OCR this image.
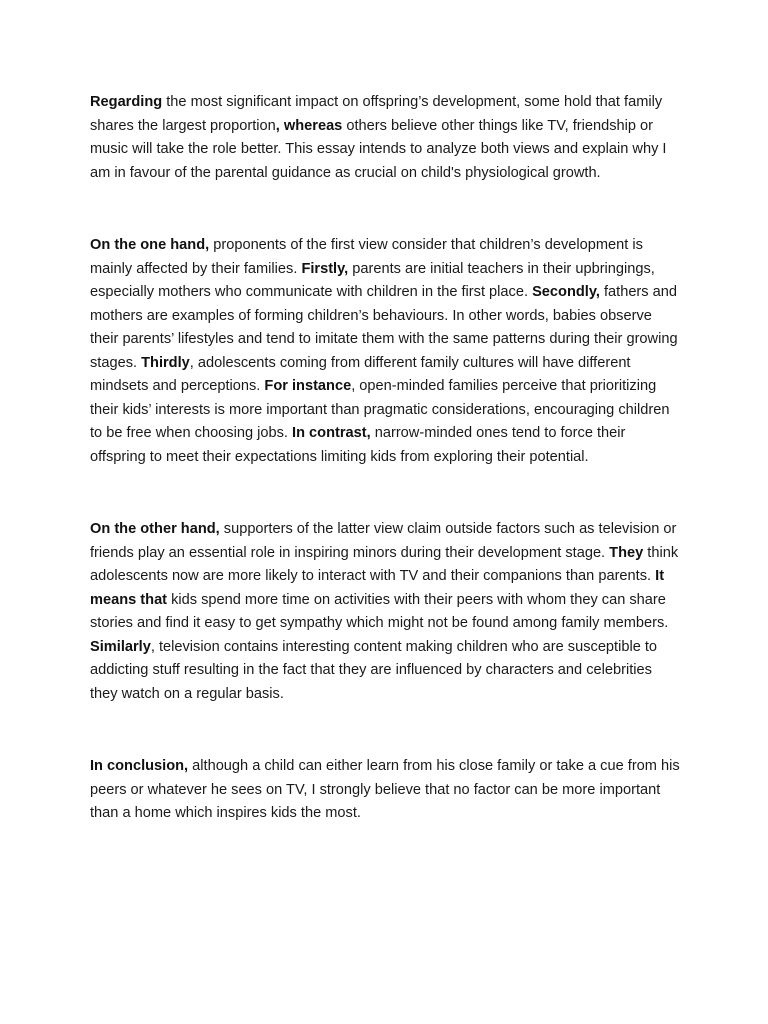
Regarding the most significant impact on offspring’s development, some hold that family shares the largest proportion, whereas others believe other things like TV, friendship or music will take the role better. This essay intends to analyze both views and explain why I am in favour of the parental guidance as crucial on child's physiological growth.

On the one hand, proponents of the first view consider that children’s development is mainly affected by their families. Firstly, parents are initial teachers in their upbringings, especially mothers who communicate with children in the first place. Secondly, fathers and mothers are examples of forming children’s behaviours. In other words, babies observe their parents’ lifestyles and tend to imitate them with the same patterns during their growing stages. Thirdly, adolescents coming from different family cultures will have different mindsets and perceptions. For instance, open-minded families perceive that prioritizing their kids’ interests is more important than pragmatic considerations, encouraging children to be free when choosing jobs. In contrast, narrow-minded ones tend to force their offspring to meet their expectations limiting kids from exploring their potential.

On the other hand, supporters of the latter view claim outside factors such as television or friends play an essential role in inspiring minors during their development stage. They think adolescents now are more likely to interact with TV and their companions than parents. It means that kids spend more time on activities with their peers with whom they can share stories and find it easy to get sympathy which might not be found among family members. Similarly, television contains interesting content making children who are susceptible to addicting stuff resulting in the fact that they are influenced by characters and celebrities they watch on a regular basis.

In conclusion, although a child can either learn from his close family or take a cue from his peers or whatever he sees on TV, I strongly believe that no factor can be more important than a home which inspires kids the most.
